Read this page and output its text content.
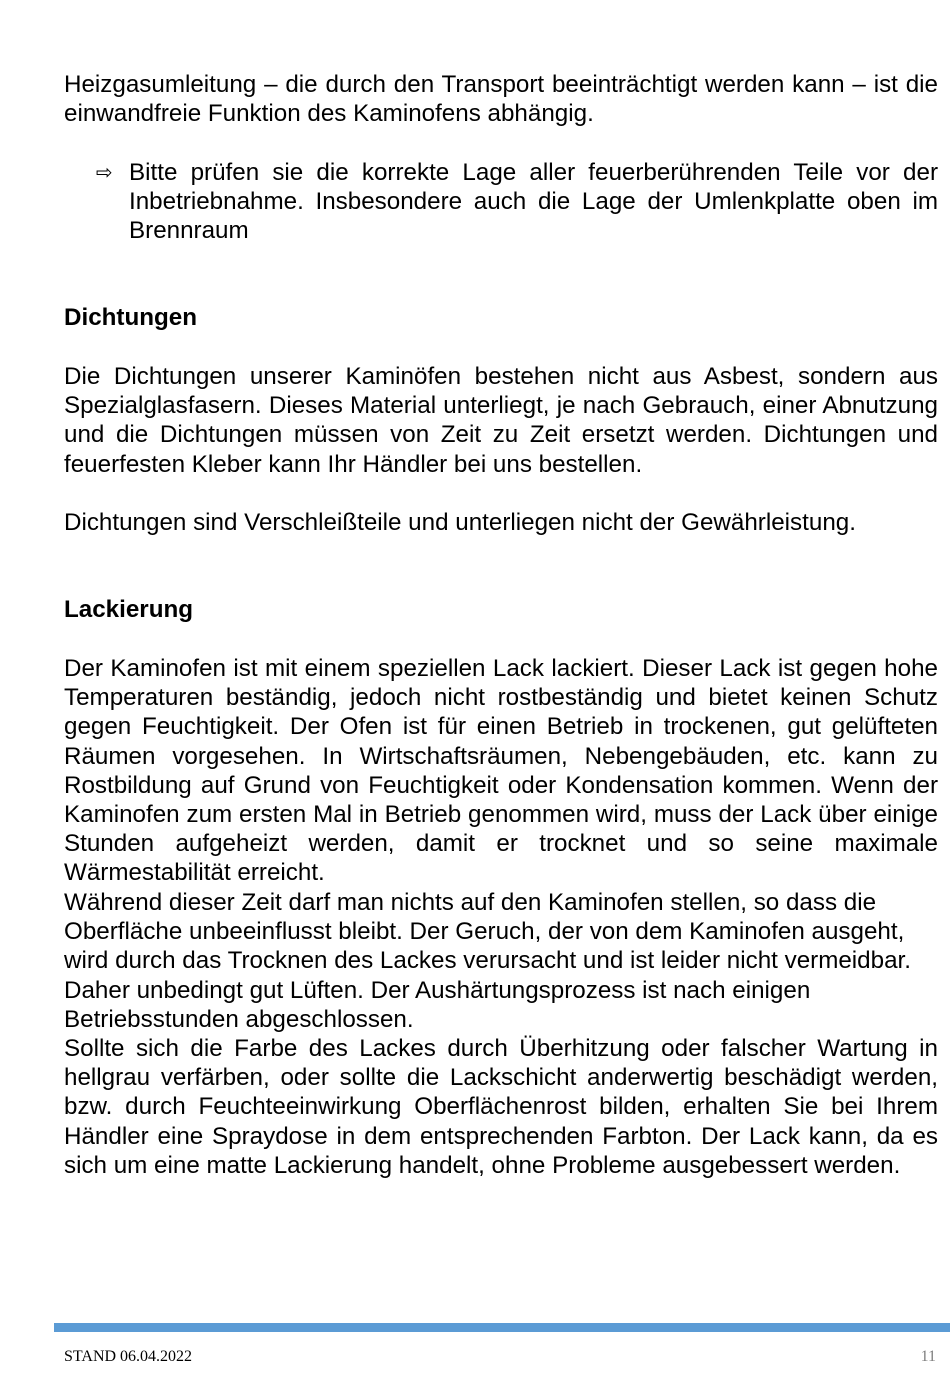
Heizgasumleitung – die durch den Transport beeinträchtigt werden kann – ist die einwandfreie Funktion des Kaminofens abhängig.

⇨ Bitte prüfen sie die korrekte Lage aller feuerberührenden Teile vor der Inbetriebnahme. Insbesondere auch die Lage der Umlenkplatte oben im Brennraum
Dichtungen

Die Dichtungen unserer Kaminöfen bestehen nicht aus Asbest, sondern aus Spezialglasfasern. Dieses Material unterliegt, je nach Gebrauch, einer Abnutzung und die Dichtungen müssen von Zeit zu Zeit ersetzt werden. Dichtungen und feuerfesten Kleber kann Ihr Händler bei uns bestellen.

Dichtungen sind Verschleißteile und unterliegen nicht der Gewährleistung.

Lackierung

Der Kaminofen ist mit einem speziellen Lack lackiert. Dieser Lack ist gegen hohe Temperaturen beständig, jedoch nicht rostbeständig und bietet keinen Schutz gegen Feuchtigkeit. Der Ofen ist für einen Betrieb in trockenen, gut gelüfteten Räumen vorgesehen. In Wirtschaftsräumen, Nebengebäuden, etc. kann zu Rostbildung auf Grund von Feuchtigkeit oder Kondensation kommen. Wenn der Kaminofen zum ersten Mal in Betrieb genommen wird, muss der Lack über einige Stunden aufgeheizt werden, damit er trocknet und so seine maximale Wärmestabilität erreicht.

Während dieser Zeit darf man nichts auf den Kaminofen stellen, so dass die Oberfläche unbeeinflusst bleibt. Der Geruch, der von dem Kaminofen ausgeht, wird durch das Trocknen des Lackes verursacht und ist leider nicht vermeidbar. Daher unbedingt gut Lüften. Der Aushärtungsprozess ist nach einigen Betriebsstunden abgeschlossen.

Sollte sich die Farbe des Lackes durch Überhitzung oder falscher Wartung in hellgrau verfärben, oder sollte die Lackschicht anderwertig beschädigt werden, bzw. durch Feuchteeinwirkung Oberflächenrost bilden, erhalten Sie bei Ihrem Händler eine Spraydose in dem entsprechenden Farbton. Der Lack kann, da es sich um eine matte Lackierung handelt, ohne Probleme ausgebessert werden.

STAND 06.04.2022	11
